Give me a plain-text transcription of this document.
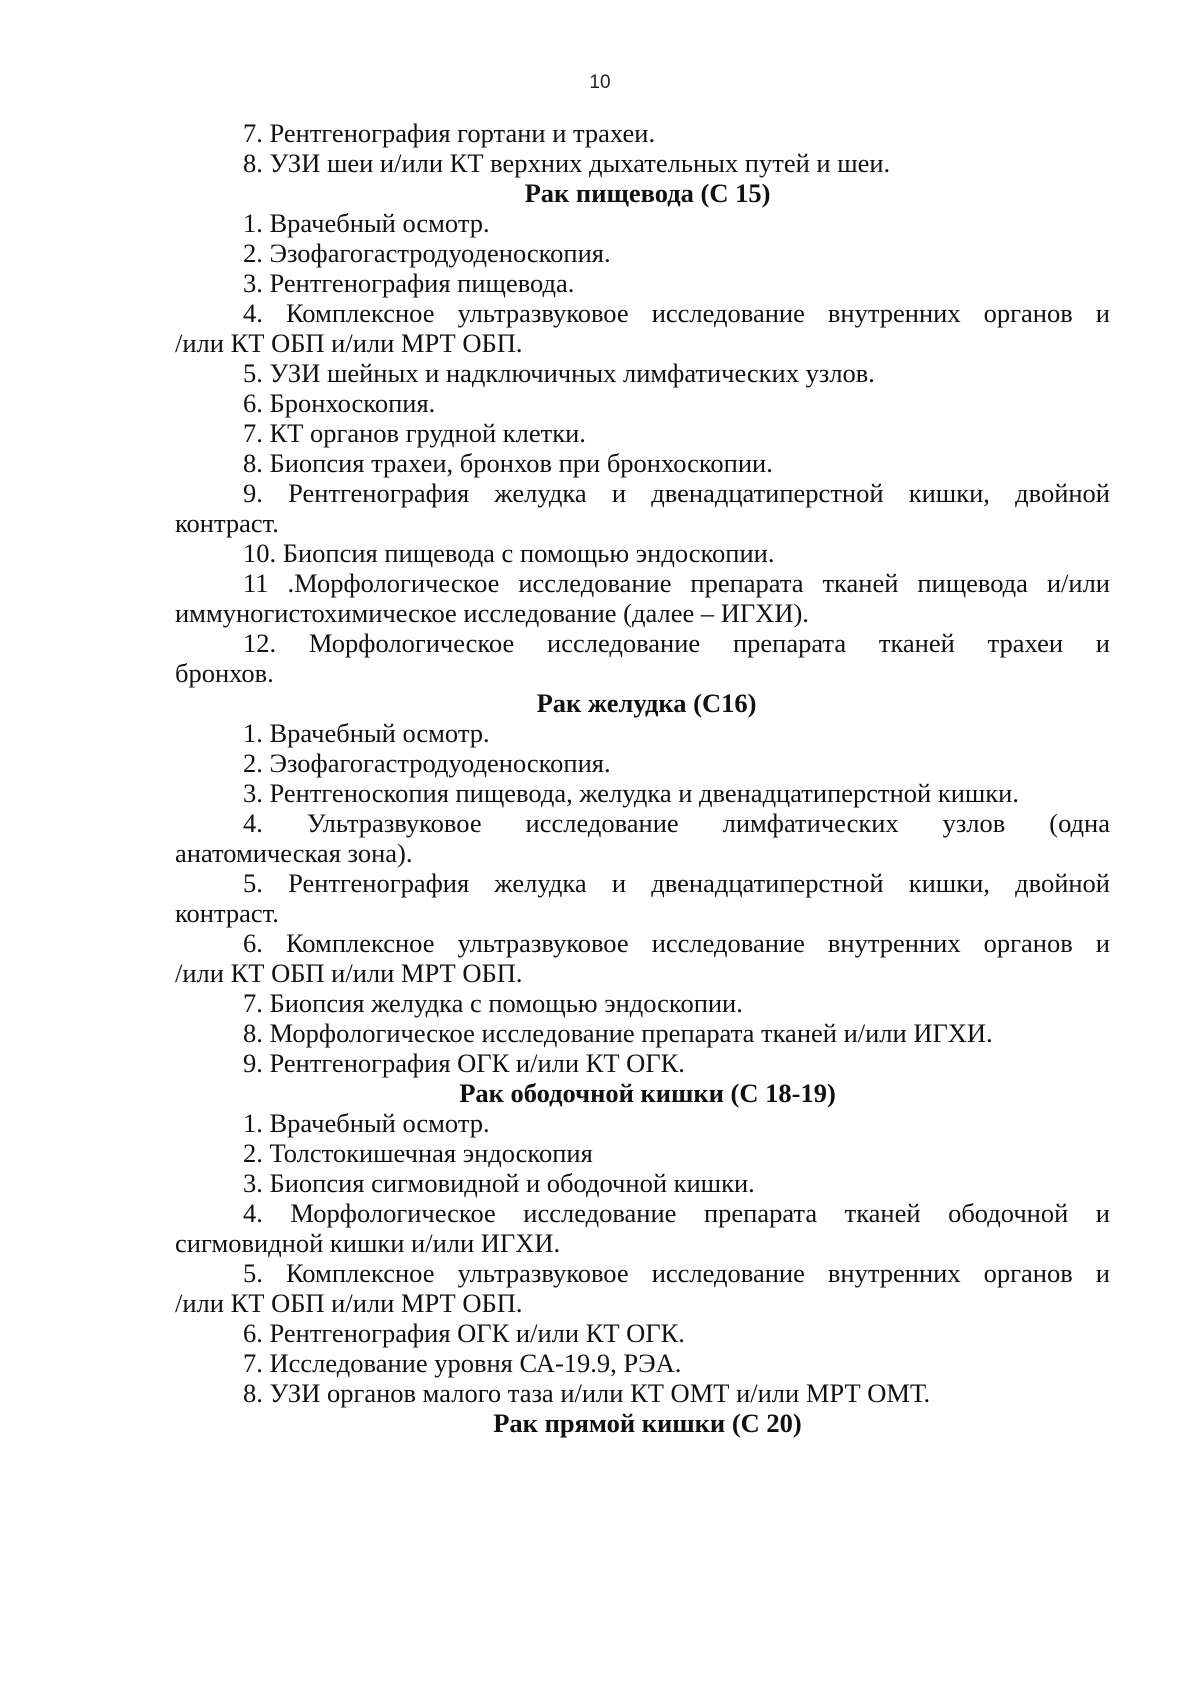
10
7. Рентгенография гортани и трахеи.
8. УЗИ шеи и/или КТ верхних дыхательных путей и шеи.
Рак пищевода (С 15)
1. Врачебный осмотр.
2. Эзофагогастродуоденоскопия.
3. Рентгенография пищевода.
4. Комплексное ультразвуковое исследование внутренних органов и
/или КТ ОБП и/или МРТ ОБП.
5. УЗИ шейных и надключичных лимфатических узлов.
6. Бронхоскопия.
7. КТ органов грудной клетки.
8. Биопсия трахеи, бронхов при бронхоскопии.
9. Рентгенография желудка и двенадцатиперстной кишки, двойной
контраст.
10. Биопсия пищевода с помощью эндоскопии.
11 .Морфологическое исследование препарата тканей пищевода и/или
иммуногистохимическое исследование (далее – ИГХИ).
12. Морфологическое исследование препарата тканей трахеи и
бронхов.
Рак желудка (С16)
1. Врачебный осмотр.
2. Эзофагогастродуоденоскопия.
3. Рентгеноскопия пищевода, желудка и двенадцатиперстной кишки.
4. Ультразвуковое исследование лимфатических узлов (одна
анатомическая зона).
5. Рентгенография желудка и двенадцатиперстной кишки, двойной
контраст.
6. Комплексное ультразвуковое исследование внутренних органов и
/или КТ ОБП и/или МРТ ОБП.
7. Биопсия желудка с помощью эндоскопии.
8. Морфологическое исследование препарата тканей и/или ИГХИ.
9. Рентгенография ОГК и/или КТ ОГК.
Рак ободочной кишки (С 18-19)
1. Врачебный осмотр.
2. Толстокишечная эндоскопия
3. Биопсия сигмовидной и ободочной кишки.
4. Морфологическое исследование препарата тканей ободочной и
сигмовидной кишки и/или ИГХИ.
5. Комплексное ультразвуковое исследование внутренних органов и
/или КТ ОБП и/или МРТ ОБП.
6. Рентгенография ОГК и/или КТ ОГК.
7. Исследование уровня СА-19.9, РЭА.
8. УЗИ органов малого таза и/или КТ ОМТ и/или МРТ ОМТ.
Рак прямой кишки (С 20)
